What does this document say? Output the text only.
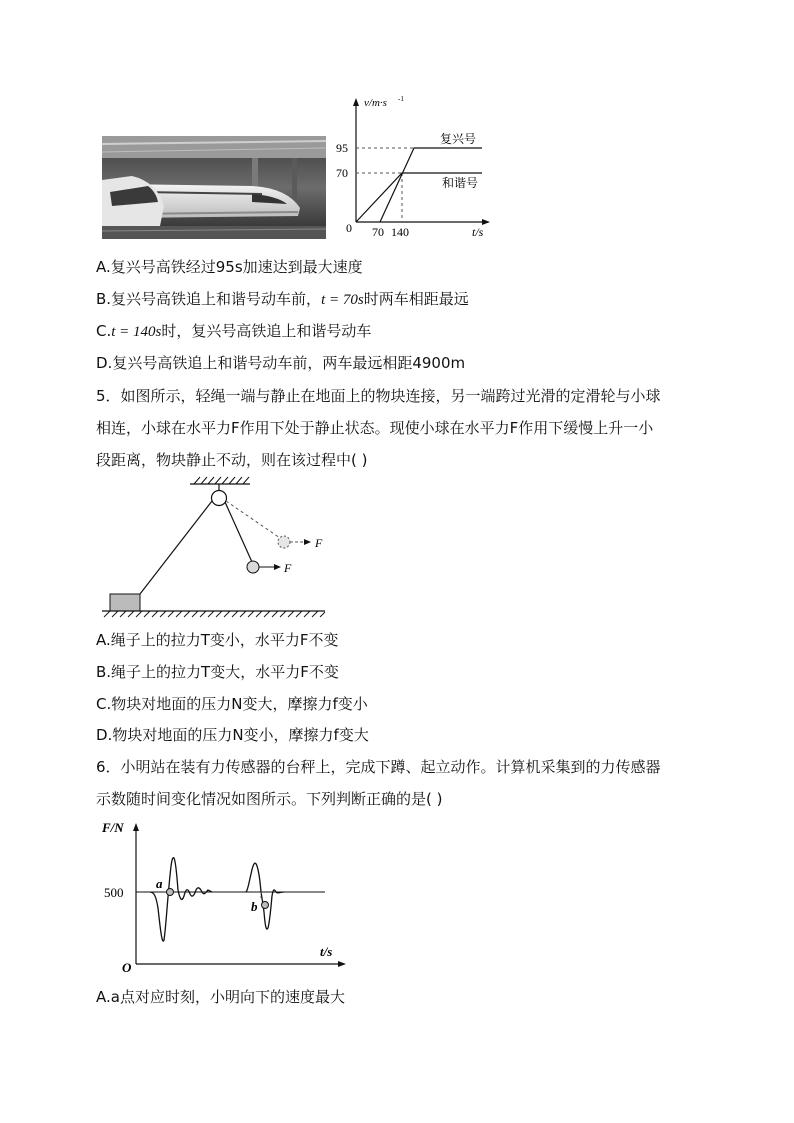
v/m·s -1
95
70
0 70 140	t/s
复兴号
和谐号
A.复兴号高铁经过95s加速达到最大速度
B.复兴号高铁追上和谐号动车前，t = 70s时两车相距最远
C.t = 140s时，复兴号高铁追上和谐号动车
D.复兴号高铁追上和谐号动车前，两车最远相距4900m
5．如图所示，轻绳一端与静止在地面上的物块连接，另一端跨过光滑的定滑轮与小球
相连，小球在水平力F作用下处于静止状态。现使小球在水平力F作用下缓慢上升一小
段距离，物块静止不动，则在该过程中( )
F
F
A.绳子上的拉力T变小，水平力F不变
B.绳子上的拉力T变大，水平力F不变
C.物块对地面的压力N变大，摩擦力f变小
D.物块对地面的压力N变小，摩擦力f变大
6．小明站在装有力传感器的台秤上，完成下蹲、起立动作。计算机采集到的力传感器
示数随时间变化情况如图所示。下列判断正确的是( )
F/N
500
O
t/s
a
b
A.a点对应时刻，小明向下的速度最大
